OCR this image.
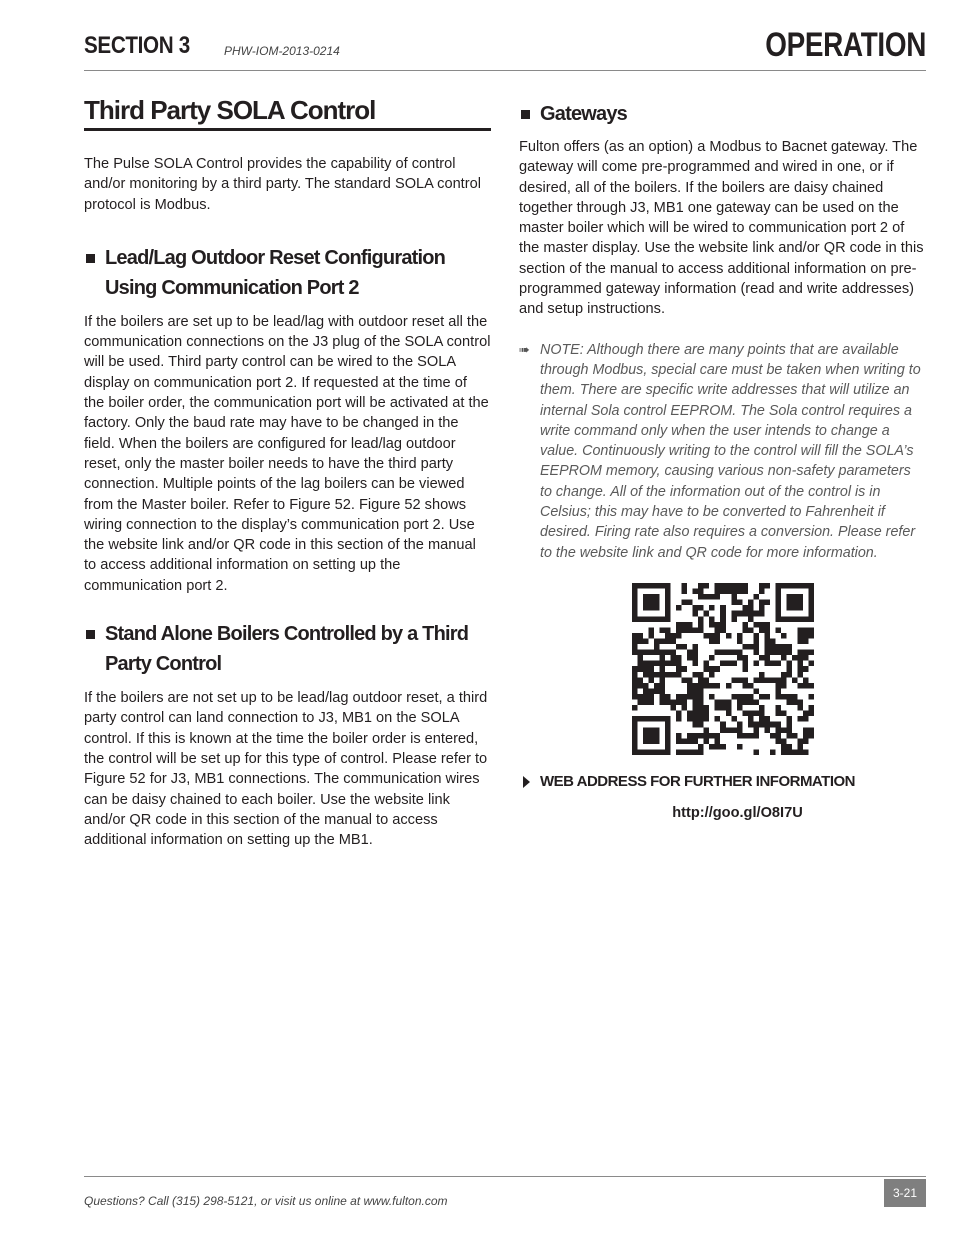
SECTION 3	PHW-IOM-2013-0214	OPERATION
Third Party SOLA Control

The Pulse SOLA Control provides the capability of control and/or monitoring by a third party. The standard SOLA control protocol is Modbus.

Lead/Lag Outdoor Reset Configuration Using Communication Port 2

If the boilers are set up to be lead/lag with outdoor reset all the communication connections on the J3 plug of the SOLA control will be used. Third party control can be wired to the SOLA display on communication port 2. If requested at the time of the boiler order, the communication port will be activated at the factory. Only the baud rate may have to be changed in the field. When the boilers are configured for lead/lag outdoor reset, only the master boiler needs to have the third party connection. Multiple points of the lag boilers can be viewed from the Master boiler. Refer to Figure 52. Figure 52 shows wiring connection to the display’s communication port 2. Use the website link and/or QR code in this section of the manual to access additional information on setting up the communication port 2.

Stand Alone Boilers Controlled by a Third Party Control

If the boilers are not set up to be lead/lag outdoor reset, a third party control can land connection to J3, MB1 on the SOLA control. If this is known at the time the boiler order is entered, the control will be set up for this type of control. Please refer to Figure 52 for J3, MB1 connections. The communication wires can be daisy chained to each boiler. Use the website link and/or QR code in this section of the manual to access additional information on setting up the MB1.

Gateways

Fulton offers (as an option) a Modbus to Bacnet gateway. The gateway will come pre-programmed and wired in one, or if desired, all of the boilers. If the boilers are daisy chained together through J3, MB1 one gateway can be used on the master boiler which will be wired to communication port 2 of the master display. Use the website link and/or QR code in this section of the manual to access additional information on pre-programmed gateway information (read and write addresses) and setup instructions.

➠ NOTE: Although there are many points that are available through Modbus, special care must be taken when writing to them. There are specific write addresses that will utilize an internal Sola control EEPROM. The Sola control requires a write command only when the user intends to change a value. Continuously writing to the control will fill the SOLA’s EEPROM memory, causing various non-safety parameters to change. All of the information out of the control is in Celsius; this may have to be converted to Fahrenheit if desired. Firing rate also requires a conversion. Please refer to the website link and QR code for more information.

WEB ADDRESS FOR FURTHER INFORMATION

http://goo.gl/O8I7U

Questions? Call (315) 298-5121, or visit us online at www.fulton.com
3-21
